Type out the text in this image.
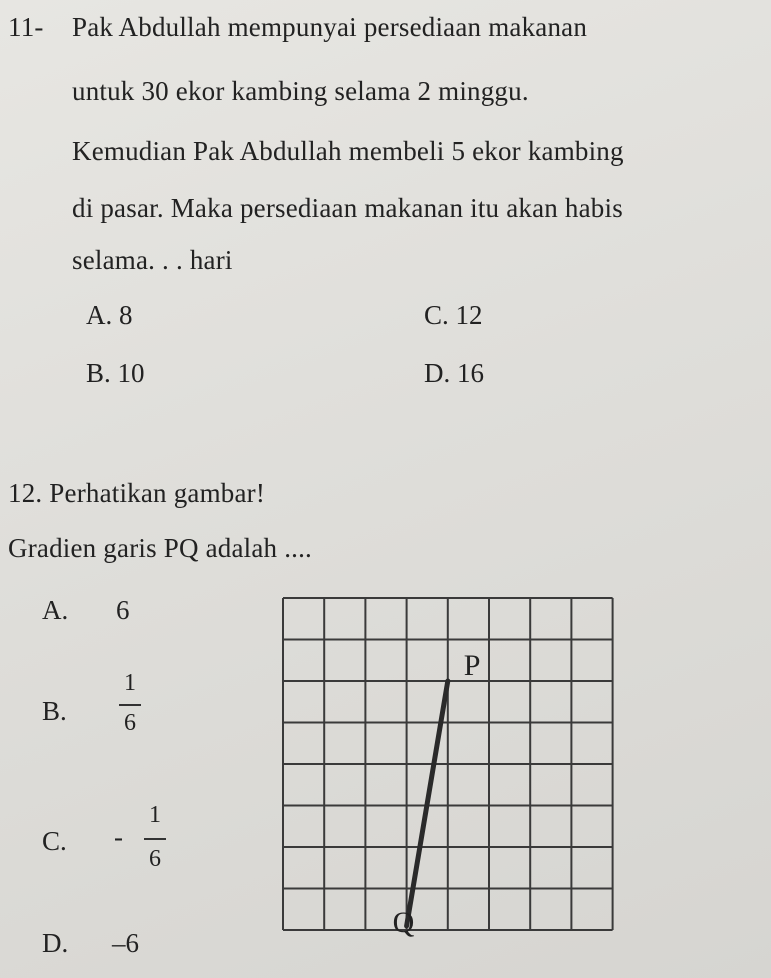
11- Pak Abdullah mempunyai persediaan makanan
untuk 30 ekor kambing selama 2 minggu.
Kemudian Pak Abdullah membeli 5 ekor kambing
di pasar. Maka persediaan makanan itu akan habis
selama. . . hari
A. 8	C. 12
B. 10	D. 16
12. Perhatikan gambar!
Gradien garis PQ adalah ....
A. 6
B.
1
6
C. -
1
6
D. –6
P
Q
